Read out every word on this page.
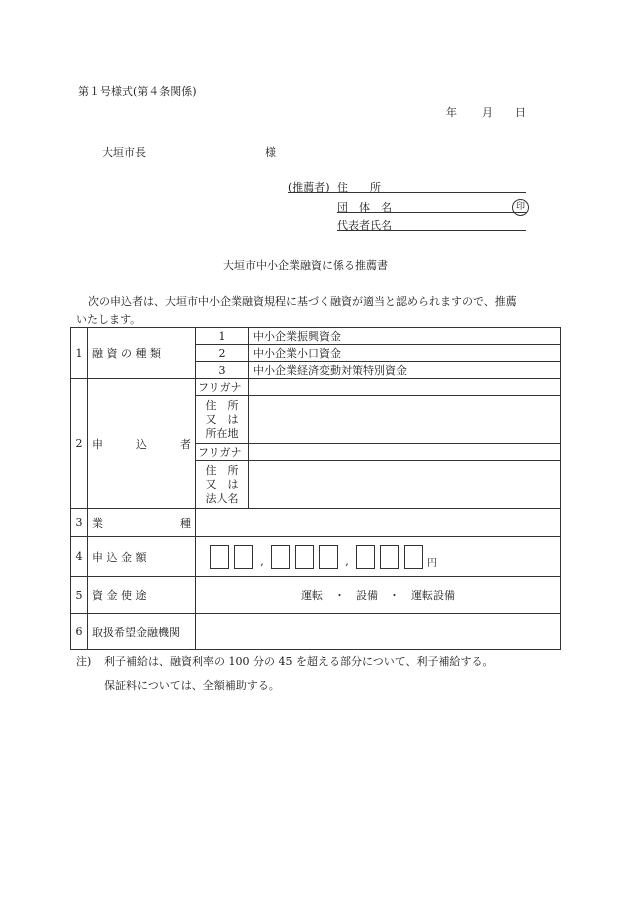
第１号様式(第４条関係)
年 月 日
大垣市長	様
(推薦者) 住　　所
団　体　名	印
代表者氏名
大垣市中小企業融資に係る推薦書
次の申込者は、大垣市中小企業融資規程に基づく融資が適当と認められますので、推薦
いたします。
1	融 資 の 種 類	1	中小企業振興資金
		2	中小企業小口資金
		3	中小企業経済変動対策特別資金
2	申 込 者	フリガナ	

		住　所
又　は
所在地	

		フリガナ	

		住　所
又　は
法人名	

3	業 種		

4	申 込 金 額	, , 円	

5	資 金 使 途	運転　・　設備　・　運転設備	
6	取扱希望金融機関		
注) 利子補給は、融資利率の 100 分の 45 を超える部分について、利子補給する。
保証料については、全額補助する。
